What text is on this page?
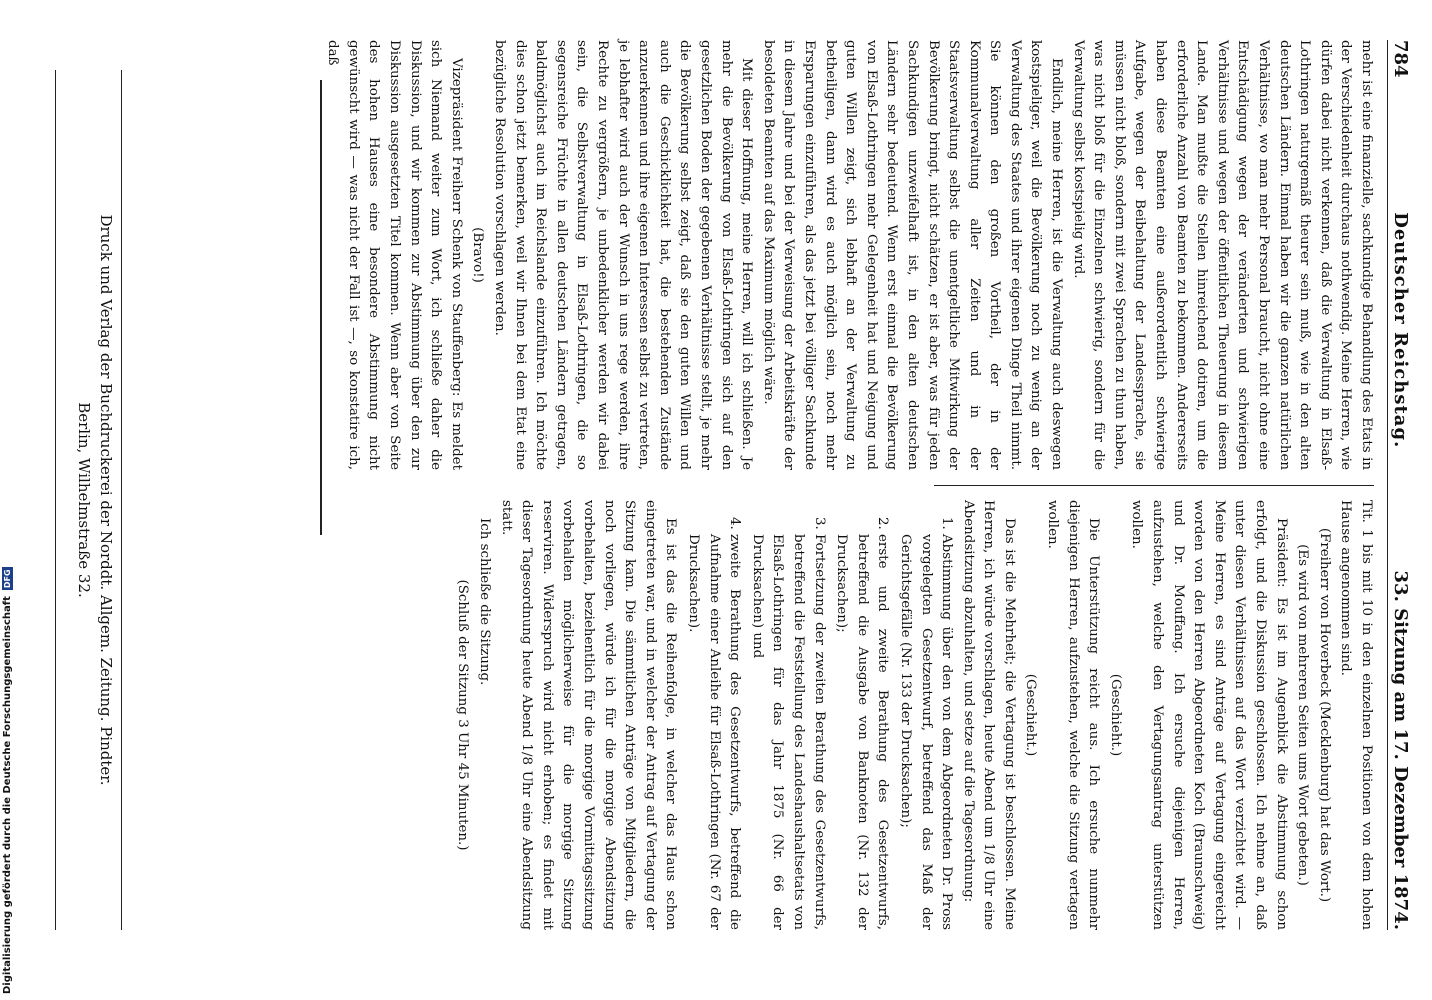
784
Deutscher Reichstag.
33. Sitzung am 17. Dezember 1874.

mehr ist eine finanzielle, sachkundige Behandlung des Etats in der Verschiedenheit durchaus nothwendig. Meine Herren, wie dürfen dabei nicht verkennen, daß die Verwaltung in Elsaß-Lothringen naturgemäß theurer sein muß, wie in den alten deutschen Ländern. Einmal haben wir die ganzen natürlichen Verhältnisse, wo man mehr Personal braucht, nicht ohne eine Entschädigung wegen der veränderten und schwierigen Verhältnisse und wegen der öffentlichen Theuerung in diesem Lande. Man mußte die Stellen hinreichend dotiren, um die erforderliche Anzahl von Beamten zu bekommen. Andererseits haben diese Beamten eine außerordentlich schwierige Aufgabe, wegen der Beibehaltung der Landessprache, sie müssen nicht bloß, sondern mit zwei Sprachen zu thun haben, was nicht bloß für die Einzelnen schwierig, sondern für die Verwaltung selbst kostspielig wird.

Endlich, meine Herren, ist die Verwaltung auch deswegen kostspieliger, weil die Bevölkerung noch zu wenig an der Verwaltung des Staates und ihrer eigenen Dinge Theil nimmt. Sie können den großen Vortheil, der in der Kommunalverwaltung aller Zeiten und in der Staatsverwaltung selbst die unentgeltliche Mitwirkung der Bevölkerung bringt, nicht schätzen, er ist aber, was für jeden Sachkundigen unzweifelhaft ist, in den alten deutschen Ländern sehr bedeutend. Wenn erst einmal die Bevölkerung von Elsaß-Lothringen mehr Gelegenheit hat und Neigung und guten Willen zeigt, sich lebhaft an der Verwaltung zu betheiligen, dann wird es auch möglich sein, noch mehr Ersparungen einzuführen, als das jetzt bei völliger Sachkunde in diesem Jahre und bei der Verweisung der Arbeitskräfte der besoldeten Beamten auf das Maximum möglich wäre.

Mit dieser Hoffnung, meine Herren, will ich schließen. Je mehr die Bevölkerung von Elsaß-Lothringen sich auf den gesetzlichen Boden der gegebenen Verhältnisse stellt, je mehr die Bevölkerung selbst zeigt, daß sie den guten Willen und auch die Geschicklichkeit hat, die bestehenden Zustände anzuerkennen und ihre eigenen Interessen selbst zu vertreten, je lebhafter wird auch der Wunsch in uns rege werden, ihre Rechte zu vergrößern, je unbedenklicher werden wir dabei sein, die Selbstverwaltung in Elsaß-Lothringen, die so segensreiche Früchte in allen deutschen Ländern getragen, baldmöglichst auch im Reichslande einzuführen. Ich möchte dies schon jetzt bemerken, weil wir Ihnen bei dem Etat eine bezügliche Resolution vorschlagen werden.

(Bravo!)

Vizepräsident Freiherr Schenk von Stauffenberg: Es meldet sich Niemand weiter zum Wort, ich schließe daher die Diskussion, und wir kommen zur Abstimmung über den zur Diskussion ausgesetzten Titel kommen. Wenn aber von Seite des hohen Hauses eine besondere Abstimmung nicht gewünscht wird — was nicht der Fall ist —, so konstatire ich, daß

Tit. 1 bis mit 10 in den einzelnen Positionen von dem hohen Hause angenommen sind.

(Freiherr von Hoverbeck (Mecklenburg) hat das Wort.)

(Es wird von mehreren Seiten ums Wort gebeten.)

Präsident: Es ist im Augenblick die Abstimmung schon erfolgt, und die Diskussion geschlossen. Ich nehme an, daß unter diesen Verhältnissen auf das Wort verzichtet wird. — Meine Herren, es sind Anträge auf Vertagung eingereicht worden von den Herren Abgeordneten Koch (Braunschweig) und Dr. Mouffang. Ich ersuche diejenigen Herren, aufzustehen, welche den Vertagungsantrag unterstützen wollen.

(Geschieht.)

Die Unterstützung reicht aus. Ich ersuche nunmehr diejenigen Herren, aufzustehen, welche die Sitzung vertagen wollen.

(Geschieht.)

Das ist die Mehrheit; die Vertagung ist beschlossen. Meine Herren, ich würde vorschlagen, heute Abend um 1/8 Uhr eine Abendsitzung abzuhalten, und setze auf die Tagesordnung:

1. Abstimmung über den von dem Abgeordneten Dr. Pross vorgelegten Gesetzentwurf, betreffend das Maß der Gerichtsgefälle (Nr. 133 der Drucksachen);
2. erste und zweite Berathung des Gesetzentwurfs, betreffend die Ausgabe von Banknoten (Nr. 132 der Drucksachen);
3. Fortsetzung der zweiten Berathung des Gesetzentwurfs, betreffend die Feststellung des Landeshaushaltsetats von Elsaß-Lothringen für das Jahr 1875 (Nr. 66 der Drucksachen) und
4. zweite Berathung des Gesetzentwurfs, betreffend die Aufnahme einer Anleihe für Elsaß-Lothringen (Nr. 67 der Drucksachen).

Es ist das die Reihenfolge, in welcher das Haus schon eingetreten war, und in welcher der Antrag auf Vertagung der Sitzung kam. Die sämmtlichen Anträge von Mitgliedern, die noch vorliegen, würde ich für die morgige Abendsitzung vorbehalten, beziehentlich für die morgige Vormittagssitzung vorbehalten möglicherweise für die morgige Sitzung reserviren. Widerspruch wird nicht erhoben; es findet mit dieser Tagesordnung heute Abend 1/8 Uhr eine Abendsitzung statt.

Ich schließe die Sitzung.

(Schluß der Sitzung 3 Uhr 45 Minuten.)

Druck und Verlag der Buchdruckerei der Norddt. Allgem. Zeitung. Pindter.
Berlin, Wilhelmstraße 32.
Digitalisierung gefördert durch die Deutsche Forschungsgemeinschaft
DFG
